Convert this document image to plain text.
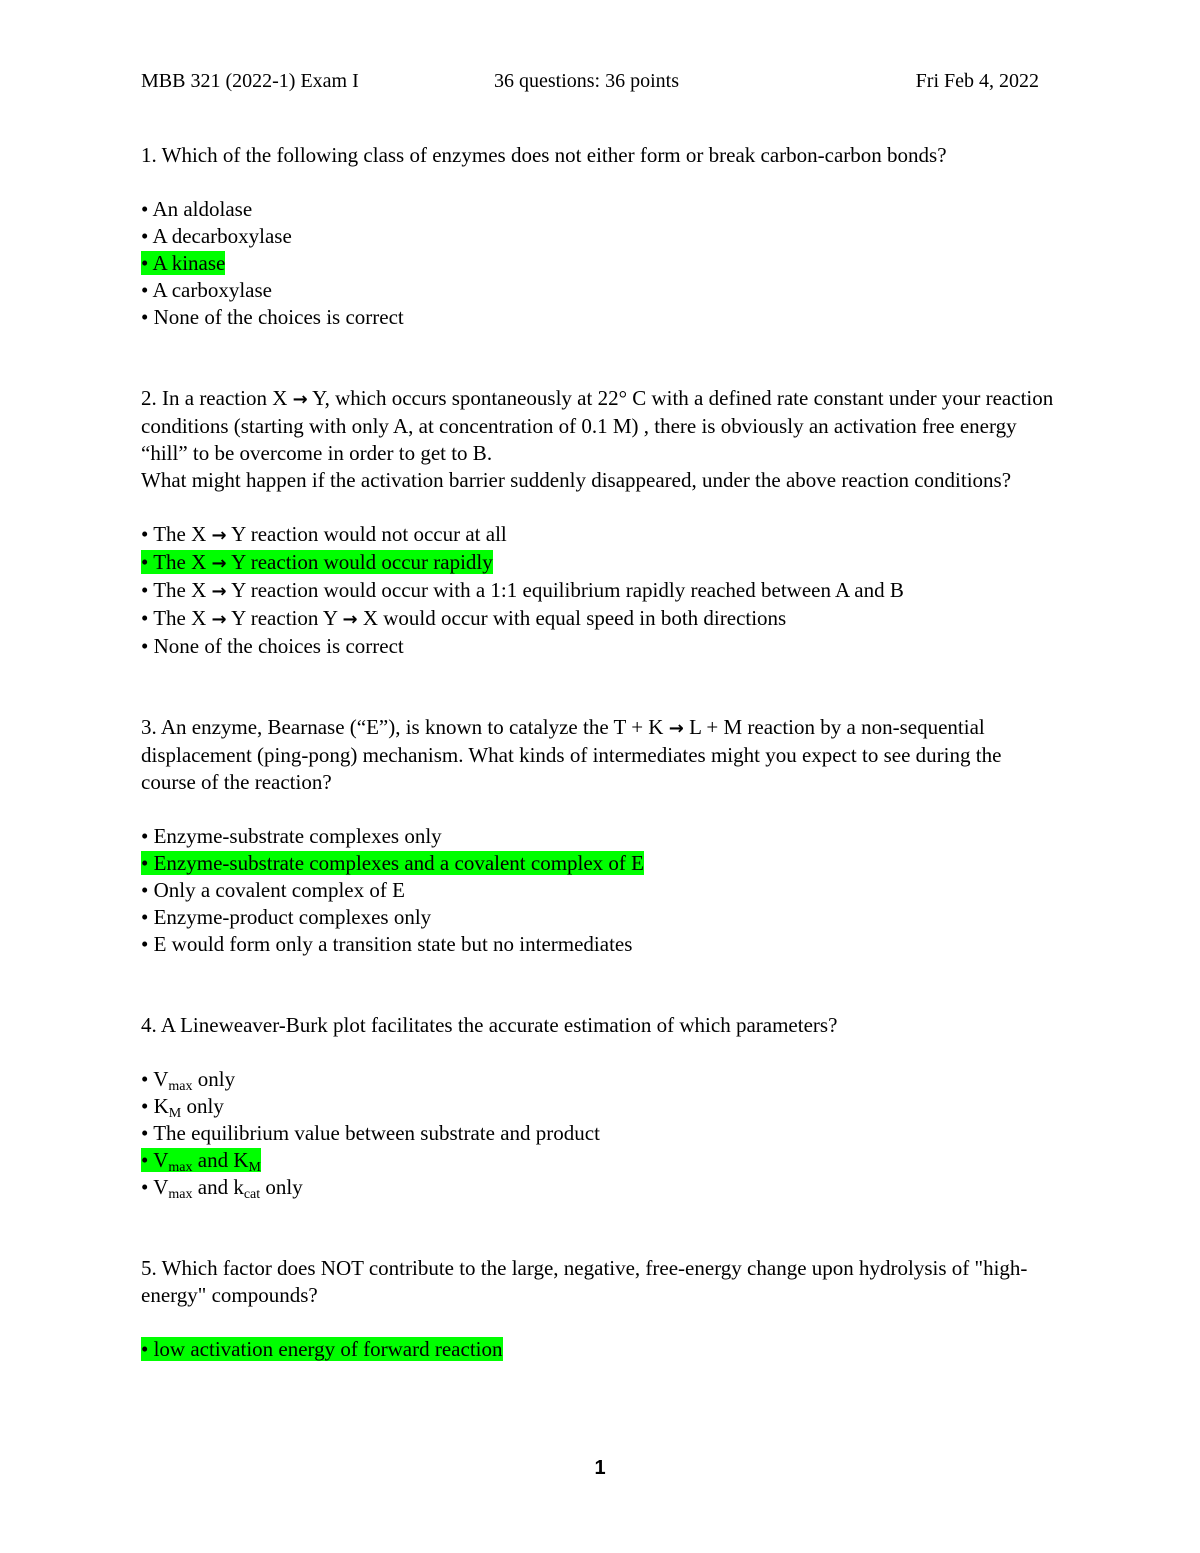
MBB 321 (2022-1) Exam I	36 questions: 36 points	Fri Feb 4, 2022

1. Which of the following class of enzymes does not either form or break carbon-carbon bonds?

• An aldolase
• A decarboxylase
• A kinase
• A carboxylase
• None of the choices is correct

2. In a reaction X → Y, which occurs spontaneously at 22° C with a defined rate constant under your reaction conditions (starting with only A, at concentration of 0.1 M) , there is obviously an activation free energy “hill” to be overcome in order to get to B.
What might happen if the activation barrier suddenly disappeared, under the above reaction conditions?

• The X → Y reaction would not occur at all
• The X → Y reaction would occur rapidly
• The X → Y reaction would occur with a 1:1 equilibrium rapidly reached between A and B
• The X → Y reaction Y → X would occur with equal speed in both directions
• None of the choices is correct

3. An enzyme, Bearnase (“E”), is known to catalyze the T + K → L + M reaction by a non-sequential displacement (ping-pong) mechanism. What kinds of intermediates might you expect to see during the course of the reaction?

• Enzyme-substrate complexes only
• Enzyme-substrate complexes and a covalent complex of E
• Only a covalent complex of E
• Enzyme-product complexes only
• E would form only a transition state but no intermediates

4. A Lineweaver-Burk plot facilitates the accurate estimation of which parameters?

• $V_{max}$ only
• $K_M$ only
• The equilibrium value between substrate and product
• $V_{max}$ and $K_M$
• $V_{max}$ and $k_{cat}$ only

5. Which factor does NOT contribute to the large, negative, free-energy change upon hydrolysis of "high-energy" compounds?

• low activation energy of forward reaction
1
